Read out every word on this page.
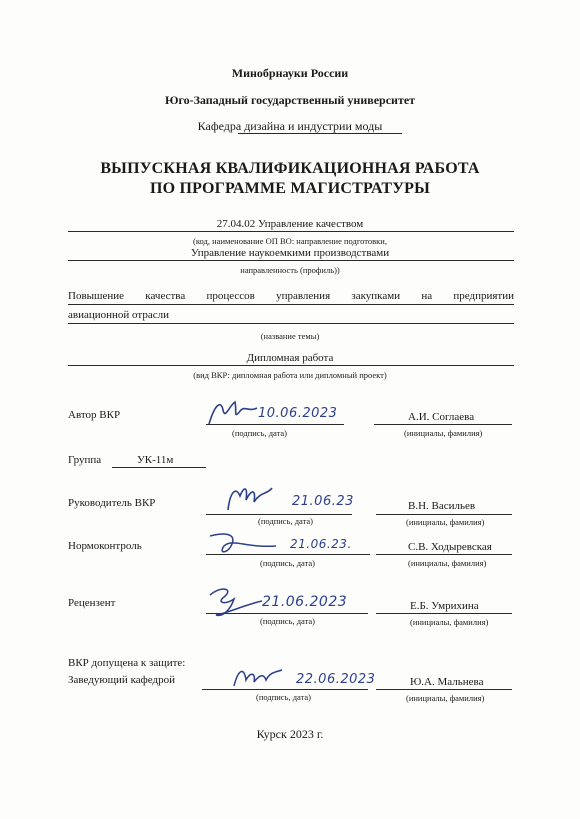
Минобрнауки России
Юго-Западный государственный университет
Кафедра дизайна и индустрии моды
ВЫПУСКНАЯ КВАЛИФИКАЦИОННАЯ РАБОТА
ПО ПРОГРАММЕ МАГИСТРАТУРЫ
27.04.02 Управление качеством
(код, наименование ОП ВО: направление подготовки,
Управление наукоемкими производствами
направленность (профиль))
Повышение качества процессов управления закупками на предприятии
авиационной отрасли
(название темы)
Дипломная работа
(вид ВКР: дипломная работа или дипломный проект)
Автор ВКР	10.06.2023
(подпись, дата)
А.И. Соглаева
(инициалы, фамилия)
Группа	УК-11м
Руководитель ВКР	21.06.23
(подпись, дата)
В.Н. Васильев
(инициалы, фамилия)
Нормоконтроль	21.06.23.
(подпись, дата)
С.В. Ходыревская
(инициалы, фамилия)
Рецензент	21.06.2023
(подпись, дата)
Е.Б. Умрихина
(инициалы, фамилия)
ВКР допущена к защите:
Заведующий кафедрой	22.06.2023
(подпись, дата)
Ю.А. Мальнева
(инициалы, фамилия)
Курск 2023 г.
